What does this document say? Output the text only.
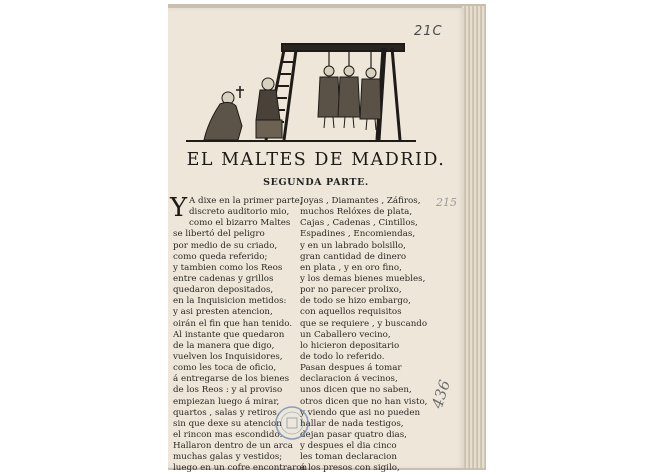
21C
EL MALTES DE MADRID.
SEGUNDA PARTE.
Y A dixe en la primer parte,
discreto auditorio mio,
como el bizarro Maltes
se libertó del peligro
por medio de su criado,
como queda referido;
y tambien como los Reos
entre cadenas y grillos
quedaron depositados,
en la Inquisicion metidos:
y asi presten atencion,
oirán el fin que han tenido.
Al instante que quedaron
de la manera que digo,
vuelven los Inquisidores,
como les toca de oficio,
á entregarse de los bienes
de los Reos : y al proviso
empiezan luego á mirar,
quartos , salas y retiros,
sin que dexe su atencion
el rincon mas escondido.
Hallaron dentro de un arca
muchas galas y vestidos;
luego en un cofre encontraron
Joyas , Diamantes , Záfiros,
muchos Relóxes de plata,
Cajas , Cadenas , Cintillos,
Espadines , Encomiendas,
y en un labrado bolsillo,
gran cantidad de dinero
en plata , y en oro fino,
y los demas bienes muebles,
por no parecer prolixo,
de todo se hizo embargo,
con aquellos requisitos
que se requiere , y buscando
un Caballero vecino,
lo hicieron depositario
de todo lo referido.
Pasan despues á tomar
declaracion á vecinos,
unos dicen que no saben,
otros dicen que no han visto,
y viendo que asi no pueden
hallar de nada testigos,
dejan pasar quatro dias,
y despues el dia cinco
les toman declaracion
á los presos con sigilo,
215
436
